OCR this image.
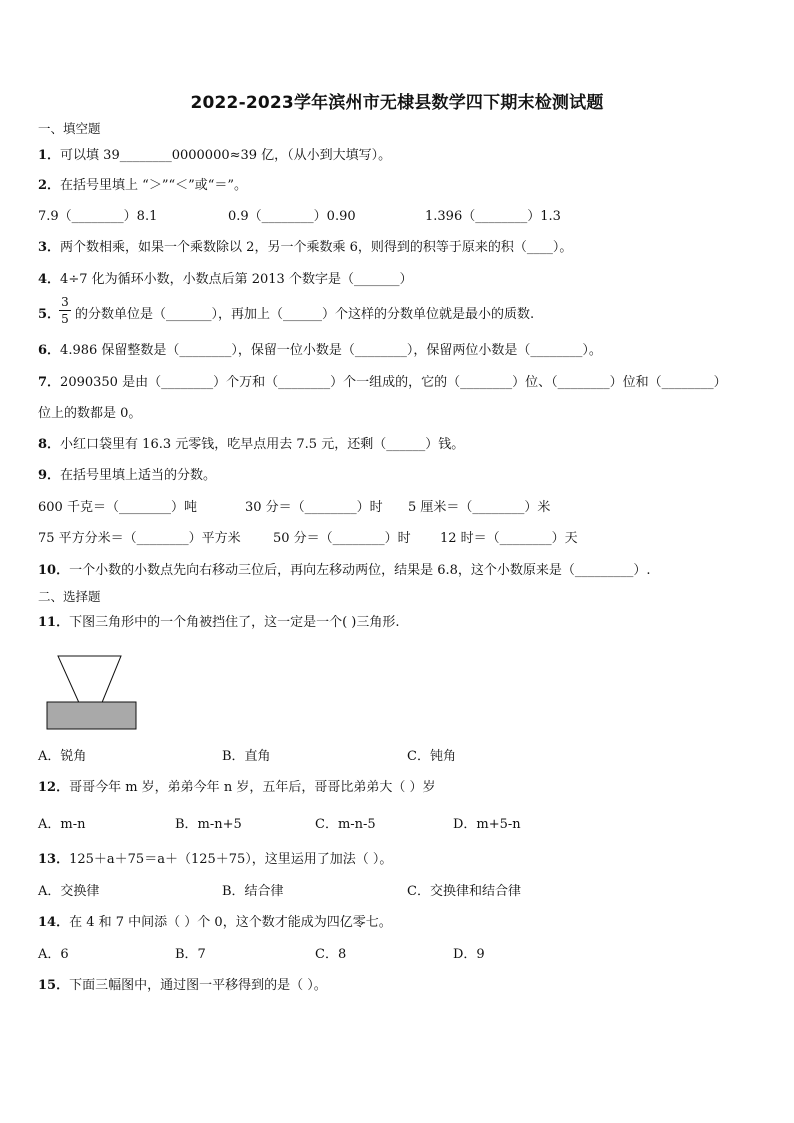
2022-2023学年滨州市无棣县数学四下期末检测试题
一、填空题
1．可以填 39________0000000≈39 亿，（从小到大填写）。
2．在括号里填上 “＞”“＜”或“＝”。
7.9（________）8.1	0.9（________）0.90	1.396（________）1.3
3．两个数相乘，如果一个乘数除以 2，另一个乘数乘 6，则得到的积等于原来的积（____）。
4．4÷7 化为循环小数，小数点后第 2013 个数字是（_______）
5．
3
5 的分数单位是（_______），再加上（______）个这样的分数单位就是最小的质数.
6．4.986 保留整数是（________），保留一位小数是（________），保留两位小数是（________）。
7．2090350 是由（________）个万和（________）个一组成的，它的（________）位、（________）位和（________）
位上的数都是 0。
8．小红口袋里有 16.3 元零钱，吃早点用去 7.5 元，还剩（______）钱。
9．在括号里填上适当的分数。
600 千克＝（________）吨	30 分＝（________）时 5 厘米＝（________）米
75 平方分米＝（________）平方米 50 分＝（________）时 12 时＝（________）天
10．一个小数的小数点先向右移动三位后，再向左移动两位，结果是 6.8，这个小数原来是（_________）.
二、选择题
11．下图三角形中的一个角被挡住了，这一定是一个( )三角形.
A．锐角	B．直角	C．钝角
12．哥哥今年 m 岁，弟弟今年 n 岁，五年后，哥哥比弟弟大（ ）岁
A．m-n	B．m-n+5	C．m-n-5	D．m+5-n
13．125＋a＋75＝a＋（125＋75），这里运用了加法（ ）。
A．交换律	B．结合律	C．交换律和结合律
14．在 4 和 7 中间添（ ）个 0，这个数才能成为四亿零七。
A．6	B．7	C．8	D．9
15．下面三幅图中，通过图一平移得到的是（ ）。
